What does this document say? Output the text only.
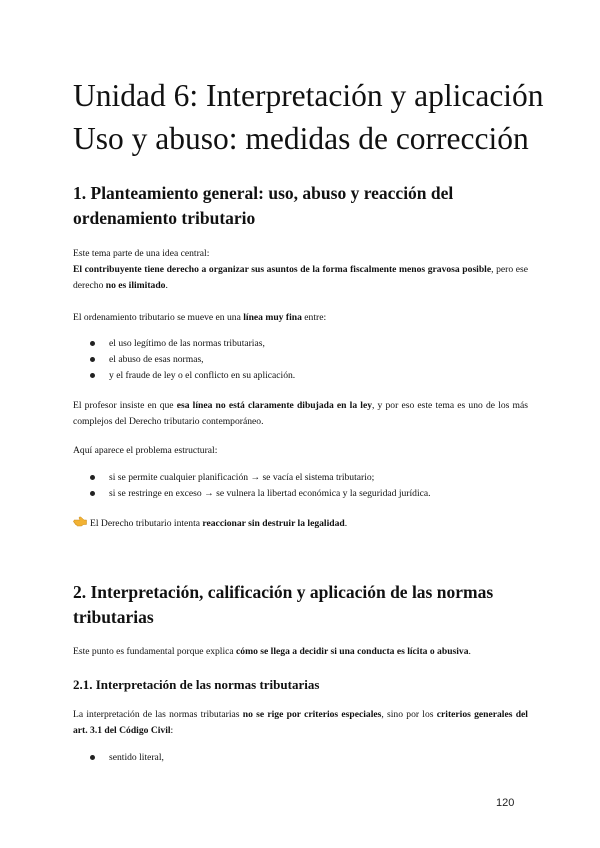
Unidad 6: Interpretación y aplicación
Uso y abuso: medidas de corrección
1. Planteamiento general: uso, abuso y reacción del
ordenamiento tributario
Este tema parte de una idea central:
El contribuyente tiene derecho a organizar sus asuntos de la forma fiscalmente menos gravosa posible, pero ese derecho no es ilimitado.
El ordenamiento tributario se mueve en una línea muy fina entre:
el uso legítimo de las normas tributarias,
el abuso de esas normas,
y el fraude de ley o el conflicto en su aplicación.
El profesor insiste en que esa línea no está claramente dibujada en la ley, y por eso este tema es uno de los más complejos del Derecho tributario contemporáneo.
Aquí aparece el problema estructural:
si se permite cualquier planificación → se vacía el sistema tributario;
si se restringe en exceso → se vulnera la libertad económica y la seguridad jurídica.
El Derecho tributario intenta reaccionar sin destruir la legalidad.
2. Interpretación, calificación y aplicación de las normas
tributarias
Este punto es fundamental porque explica cómo se llega a decidir si una conducta es lícita o abusiva.
2.1. Interpretación de las normas tributarias
La interpretación de las normas tributarias no se rige por criterios especiales, sino por los criterios generales del art. 3.1 del Código Civil:
sentido literal,
120
